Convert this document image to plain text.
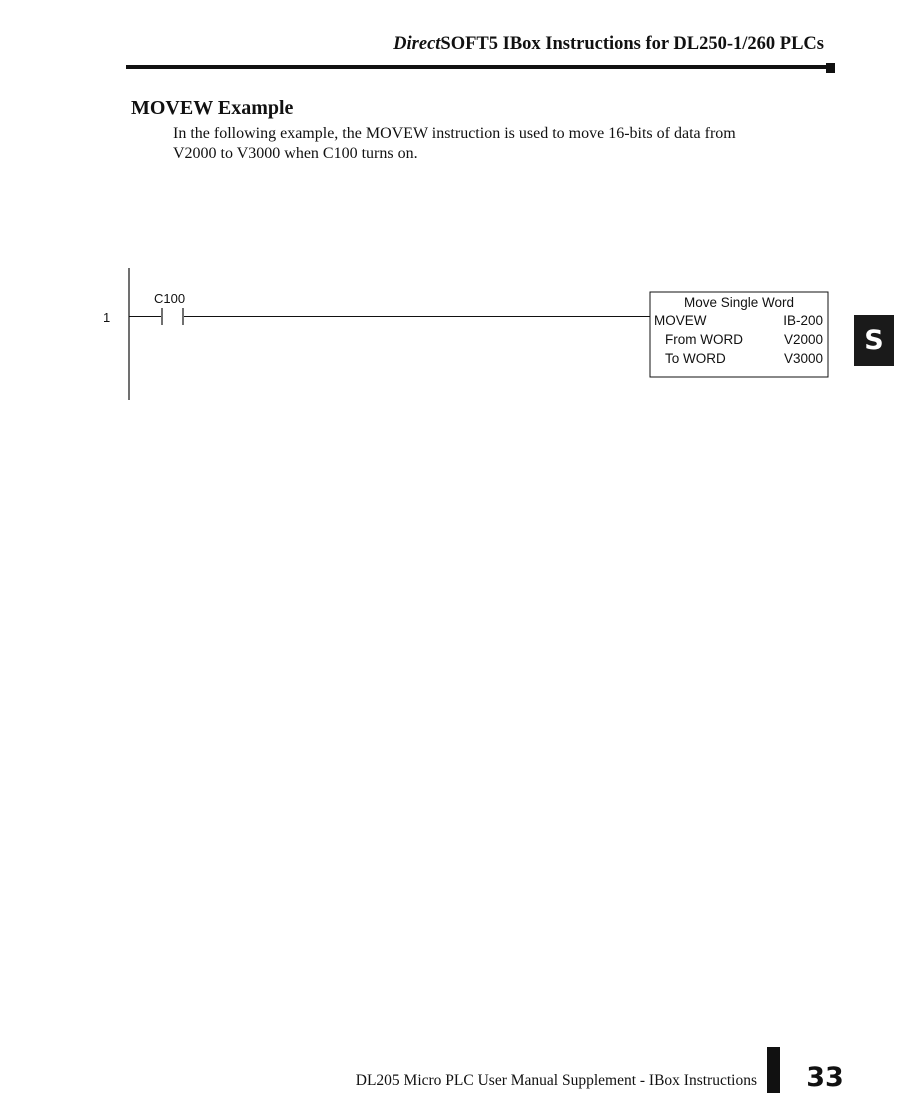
DirectSOFT5 IBox Instructions for DL250-1/260 PLCs
MOVEW Example
In the following example, the MOVEW instruction is used to move 16-bits of data from
V2000 to V3000 when C100 turns on.
1
C100	Move Single Word
MOVEW	IB-200
From WORD	V2000
To WORD	V3000
S
DL205 Micro PLC User Manual Supplement - IBox Instructions	33
